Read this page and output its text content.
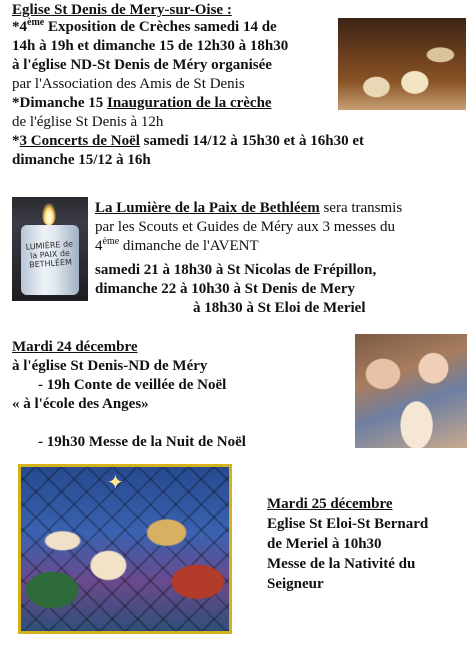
Eglise St Denis de Mery-sur-Oise :
*4ème Exposition de Crèches samedi 14 de
14h à 19h et dimanche 15 de 12h30 à 18h30
à l'église ND-St Denis de Méry organisée
par l'Association des Amis de St Denis
*Dimanche 15 Inauguration de la crèche
de l'église St Denis à 12h
*3 Concerts de Noël samedi 14/12 à 15h30 et à 16h30 et
dimanche 15/12 à 16h
LUMIÈRE de la PAIX de BETHLÉEM
La Lumière de la Paix de Bethléem sera transmis
par les Scouts et Guides de Méry aux 3 messes du
4ème dimanche de l'AVENT
samedi 21 à 18h30 à St Nicolas de Frépillon,
dimanche 22 à 10h30 à St Denis de Mery
à 18h30 à St Eloi de Meriel
Mardi 24 décembre
à l'église St Denis-ND de Méry
- 19h Conte de veillée de Noël
« à l'école des Anges»
- 19h30 Messe de la Nuit de Noël
✦
Mardi 25 décembre
Eglise St Eloi-St Bernard
de Meriel à 10h30
Messe de la Nativité du
Seigneur
